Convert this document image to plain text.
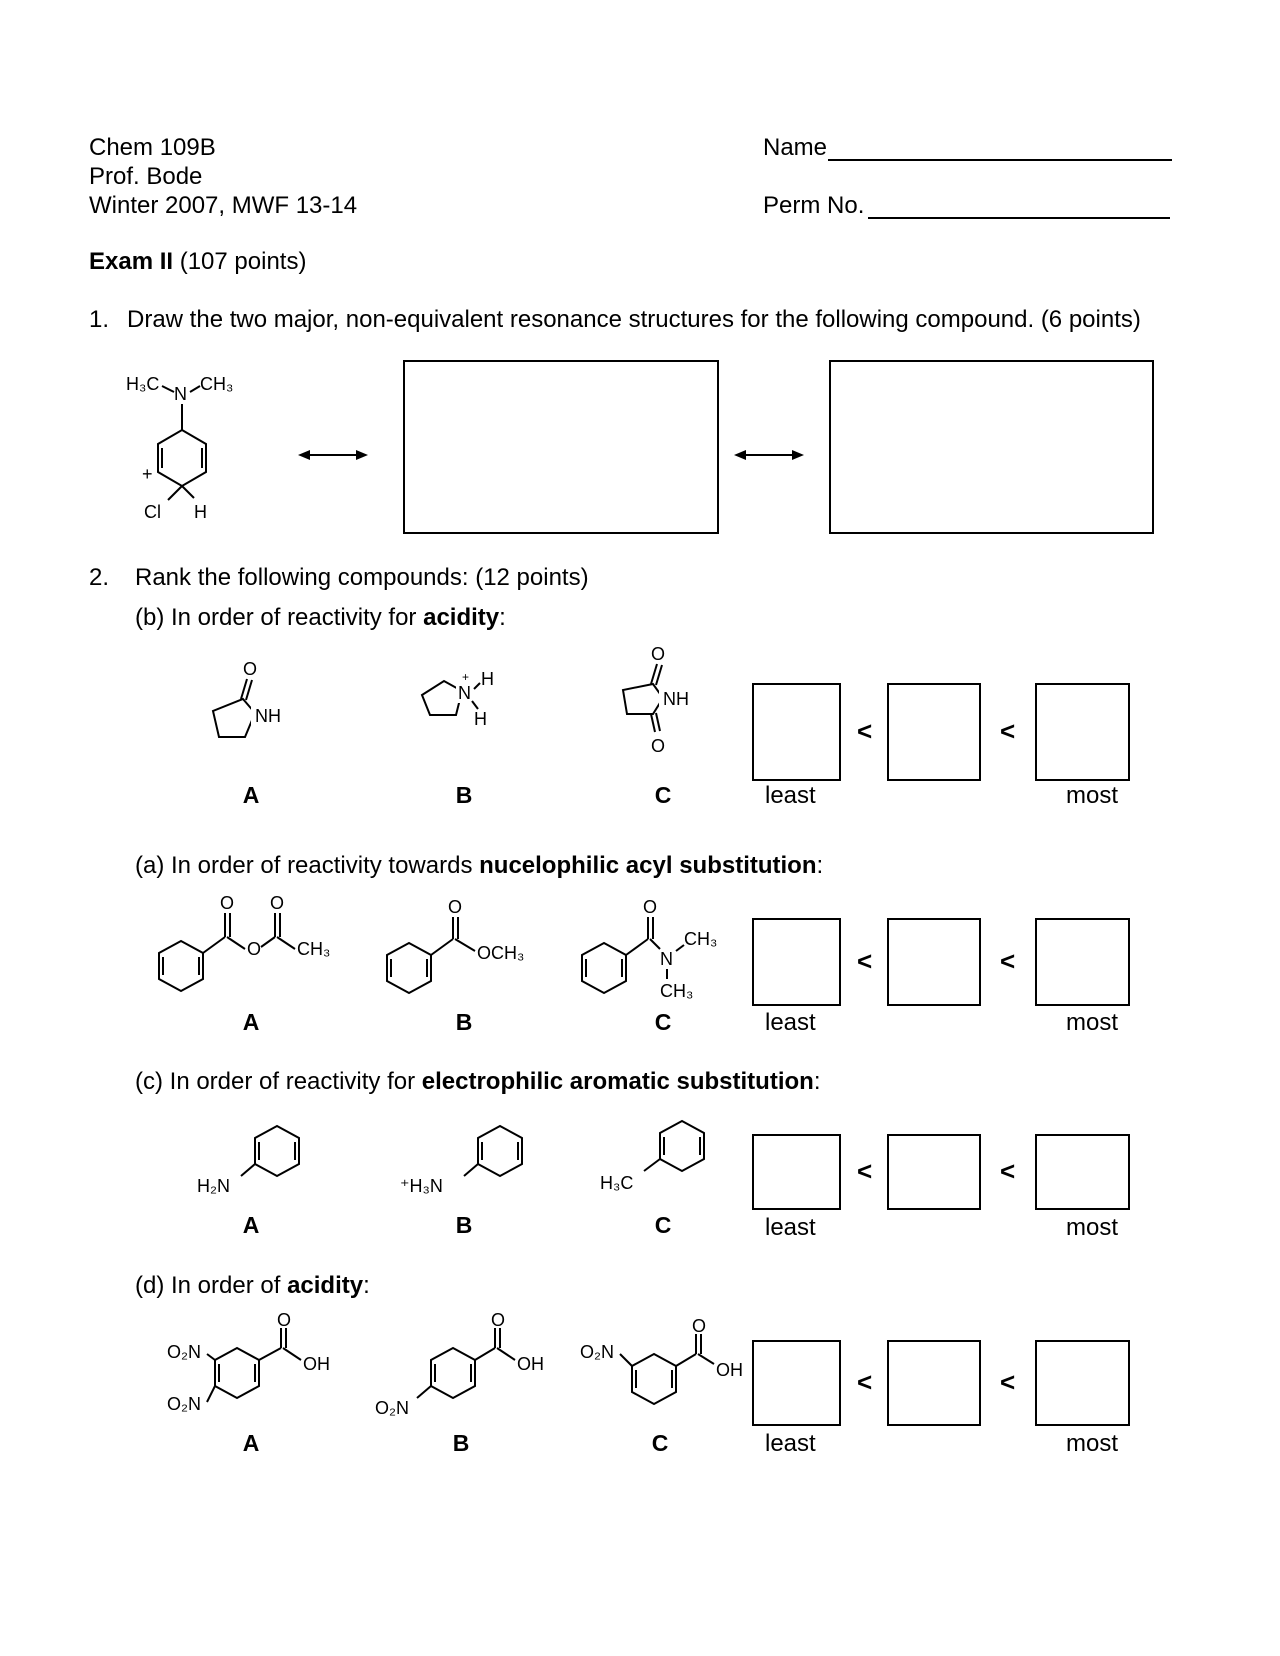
Chem 109B
Prof. Bode
Winter 2007, MWF 13-14
Name
Perm No.
Exam II (107 points)
1. Draw the two major, non-equivalent resonance structures for the following compound. (6 points)
H₃C N CH₃
+
Cl H
2. Rank the following compounds: (12 points)
(b) In order of reactivity for acidity:
O
NH
N
+ H
H
O
NH
O
A	B	C
<	<
least	most
(a) In order of reactivity towards nucelophilic acyl substitution:
O
O
O
CH₃
O
OCH₃
O
N
CH₃
CH₃
A	B	C
<	<
least	most
(c) In order of reactivity for electrophilic aromatic substitution:
H₂N	⁺H₃N	H₃C
A	B	C
<	<
least	most
(d) In order of acidity:
O₂N
O₂N
O
OH
O₂N
O
OH
O₂N
O
OH
A	B	C
<	<
least	most
